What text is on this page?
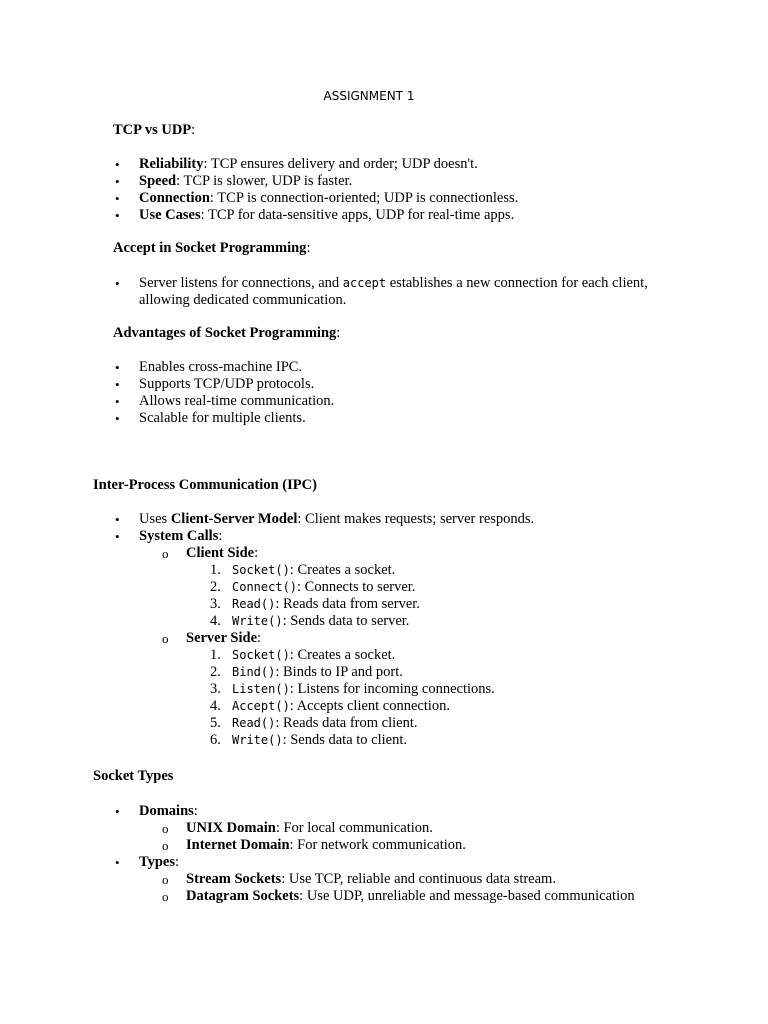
ASSIGNMENT 1
TCP vs UDP:
• Reliability: TCP ensures delivery and order; UDP doesn't.
• Speed: TCP is slower, UDP is faster.
• Connection: TCP is connection-oriented; UDP is connectionless.
• Use Cases: TCP for data-sensitive apps, UDP for real-time apps.
Accept in Socket Programming:
• Server listens for connections, and accept establishes a new connection for each client, allowing dedicated communication.
Advantages of Socket Programming:
• Enables cross-machine IPC.
• Supports TCP/UDP protocols.
• Allows real-time communication.
• Scalable for multiple clients.
Inter-Process Communication (IPC)
• Uses Client-Server Model: Client makes requests; server responds.
• System Calls:
o Client Side:
1. Socket(): Creates a socket.
2. Connect(): Connects to server.
3. Read(): Reads data from server.
4. Write(): Sends data to server.
o Server Side:
1. Socket(): Creates a socket.
2. Bind(): Binds to IP and port.
3. Listen(): Listens for incoming connections.
4. Accept(): Accepts client connection.
5. Read(): Reads data from client.
6. Write(): Sends data to client.
Socket Types
• Domains:
o UNIX Domain: For local communication.
o Internet Domain: For network communication.
• Types:
o Stream Sockets: Use TCP, reliable and continuous data stream.
o Datagram Sockets: Use UDP, unreliable and message-based communication
